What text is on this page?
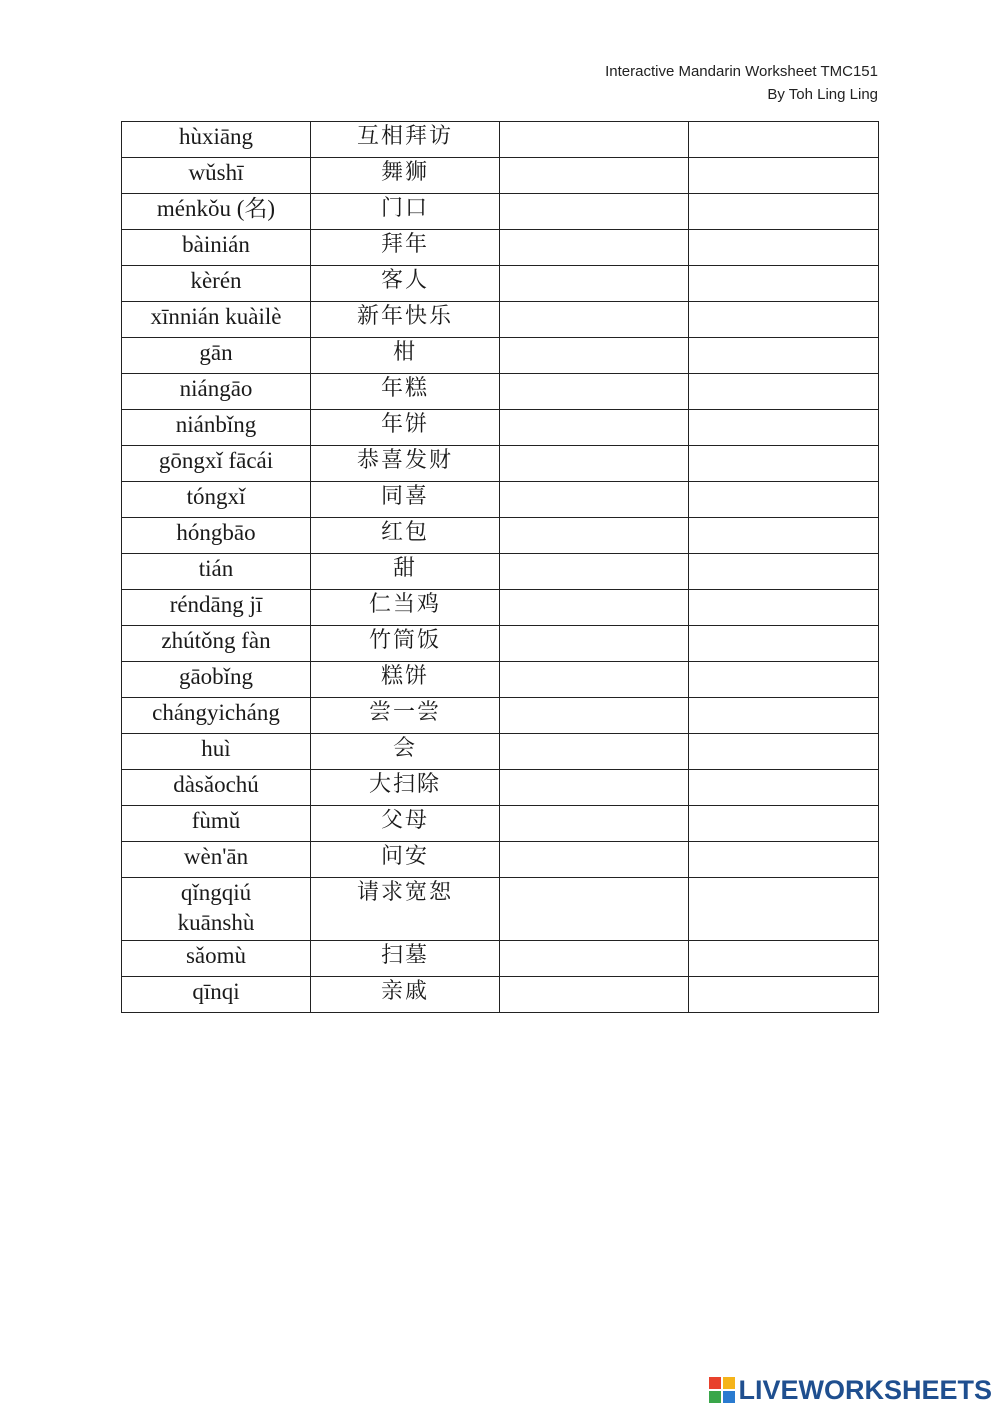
Interactive Mandarin Worksheet TMC151
By Toh Ling Ling
hùxiāng	互相拜访		
wǔshī	舞狮		
ménkǒu (名)	门口		
bàinián	拜年		
kèrén	客人		
xīnnián kuàilè	新年快乐		
gān	柑		
niángāo	年糕		
niánbǐng	年饼		
gōngxǐ fācái	恭喜发财		
tóngxǐ	同喜		
hóngbāo	红包		
tián	甜		
réndāng jī	仁当鸡		
zhútǒng fàn	竹筒饭		
gāobǐng	糕饼		
chángyicháng	尝一尝		
huì	会		
dàsǎochú	大扫除		
fùmǔ	父母		
wèn'ān	问安		

qǐngqiú
kuānshù	请求宽恕		
sǎomù	扫墓		
qīnqi	亲戚		
LIVEWORKSHEETS
